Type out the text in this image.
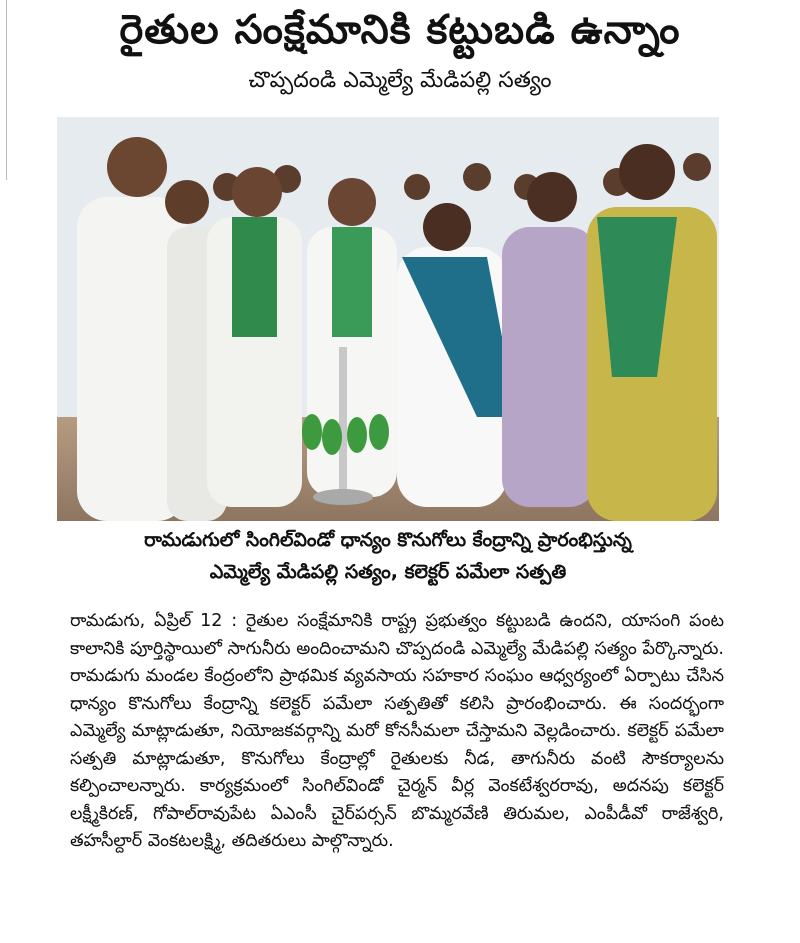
రైతుల సంక్షేమానికి కట్టుబడి ఉన్నాం
చొప్పదండి ఎమ్మెల్యే మేడిపల్లి సత్యం
రామడుగులో సింగిల్‌విండో ధాన్యం కొనుగోలు కేంద్రాన్ని ప్రారంభిస్తున్న
ఎమ్మెల్యే మేడిపల్లి సత్యం, కలెక్టర్ పమేలా సత్పతి

రామడుగు, ఏప్రిల్ 12 : రైతుల సంక్షేమానికి రాష్ట్ర ప్రభుత్వం కట్టుబడి ఉందని, యాసంగి పంట కాలానికి పూర్తిస్థాయిలో సాగునీరు అందించామని చొప్పదండి ఎమ్మెల్యే మేడిపల్లి సత్యం పేర్కొన్నారు. రామడుగు మండల కేంద్రంలోని ప్రాథమిక వ్యవసాయ సహకార సంఘం ఆధ్వర్యంలో ఏర్పాటు చేసిన ధాన్యం కొనుగోలు కేంద్రాన్ని కలెక్టర్ పమేలా సత్పతితో కలిసి ప్రారంభించారు. ఈ సందర్భంగా ఎమ్మెల్యే మాట్లాడుతూ, నియోజకవర్గాన్ని మరో కోనసీమలా చేస్తామని వెల్లడించారు. కలెక్టర్ పమేలా సత్పతి మాట్లాడుతూ, కొనుగోలు కేంద్రాల్లో రైతులకు నీడ, తాగునీరు వంటి సౌకర్యాలను కల్పించాలన్నారు. కార్యక్రమంలో సింగిల్‌విండో చైర్మన్ వీర్ల వెంకటేశ్వరరావు, అదనపు కలెక్టర్ లక్ష్మీకిరణ్, గోపాల్‌రావుపేట ఏఎంసీ చైర్‌పర్సన్ బొమ్మరవేణి తిరుమల, ఎంపీడీవో రాజేశ్వరి, తహసీల్దార్ వెంకటలక్ష్మి, తదితరులు పాల్గొన్నారు.
